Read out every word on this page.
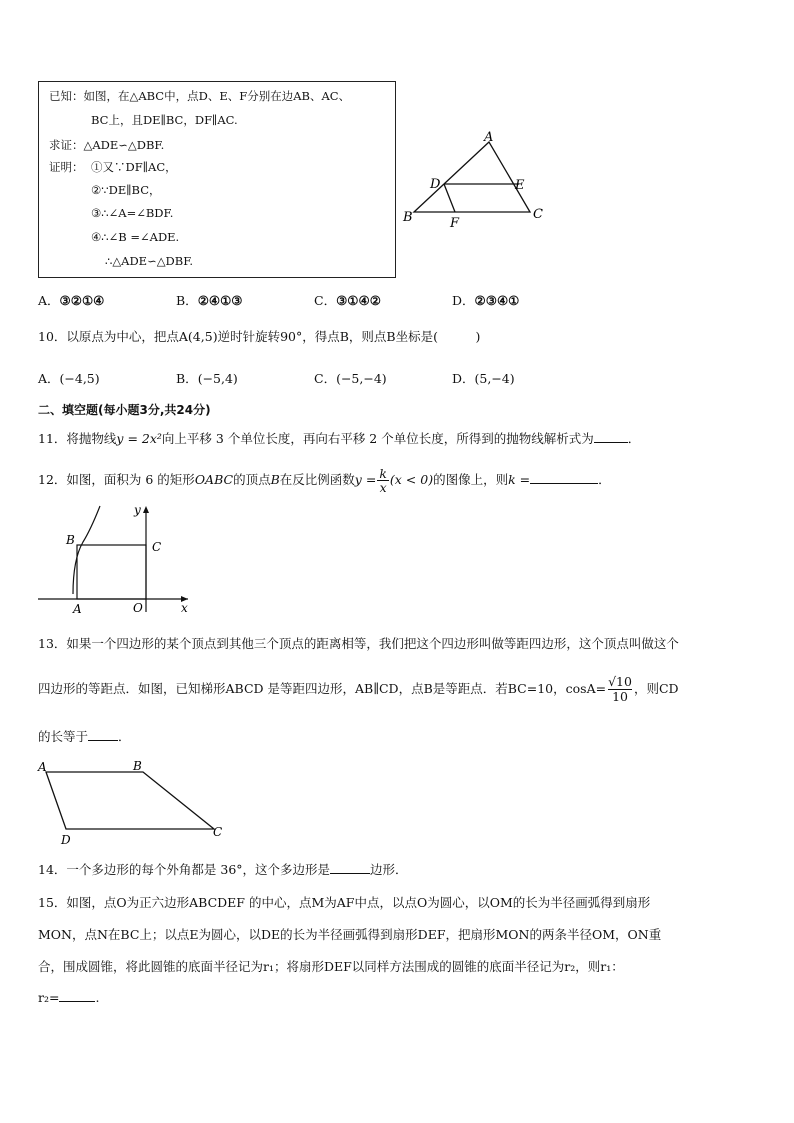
已知：如图，在△ABC中，点D、E、F分别在边AB、AC、
BC上，且DE∥BC，DF∥AC.
求证：△ADE∽△DBF.
证明： ①又∵DF∥AC，
②∵DE∥BC，
③∴∠A=∠BDF.
④∴∠B =∠ADE.
∴△ADE∽△DBF.
A
B	C
D	E
F
A．③②①④	B．②④①③	C．③①④②	D．②③④①
10．以原点为中心，把点A(4,5)逆时针旋转90°，得点B，则点B坐标是(　　　)
A．(−4,5)	B．(−5,4)	C．(−5,−4)	D．(5,−4)
二、填空题(每小题3分,共24分)
11．将抛物线y = 2x²向上平移 3 个单位长度，再向右平移 2 个单位长度，所得到的抛物线解析式为	．
12．如图，面积为 6 的矩形OABC的顶点B在反比例函数$y = \frac{k}{x} (x < 0)$的图像上，则k =	．
B	C
A	O	x
y
13．如果一个四边形的某个顶点到其他三个顶点的距离相等，我们把这个四边形叫做等距四边形，这个顶点叫做这个
四边形的等距点．如图，已知梯形ABCD 是等距四边形，AB∥CD，点B是等距点．若BC=10，$\cos A= \frac{√10}{10}$ ，则CD
的长等于 ．
A	B
C
D
14．一个多边形的每个外角都是 36°，这个多边形是	边形．
15．如图，点O为正六边形ABCDEF 的中心，点M为AF中点，以点O为圆心，以OM的长为半径画弧得到扇形
MON，点N在BC上；以点E为圆心，以DE的长为半径画弧得到扇形DEF，把扇形MON的两条半径OM，ON重
合，围成圆锥，将此圆锥的底面半径记为r₁；将扇形DEF以同样方法围成的圆锥的底面半径记为r₂，则r₁：
r₂=	.
